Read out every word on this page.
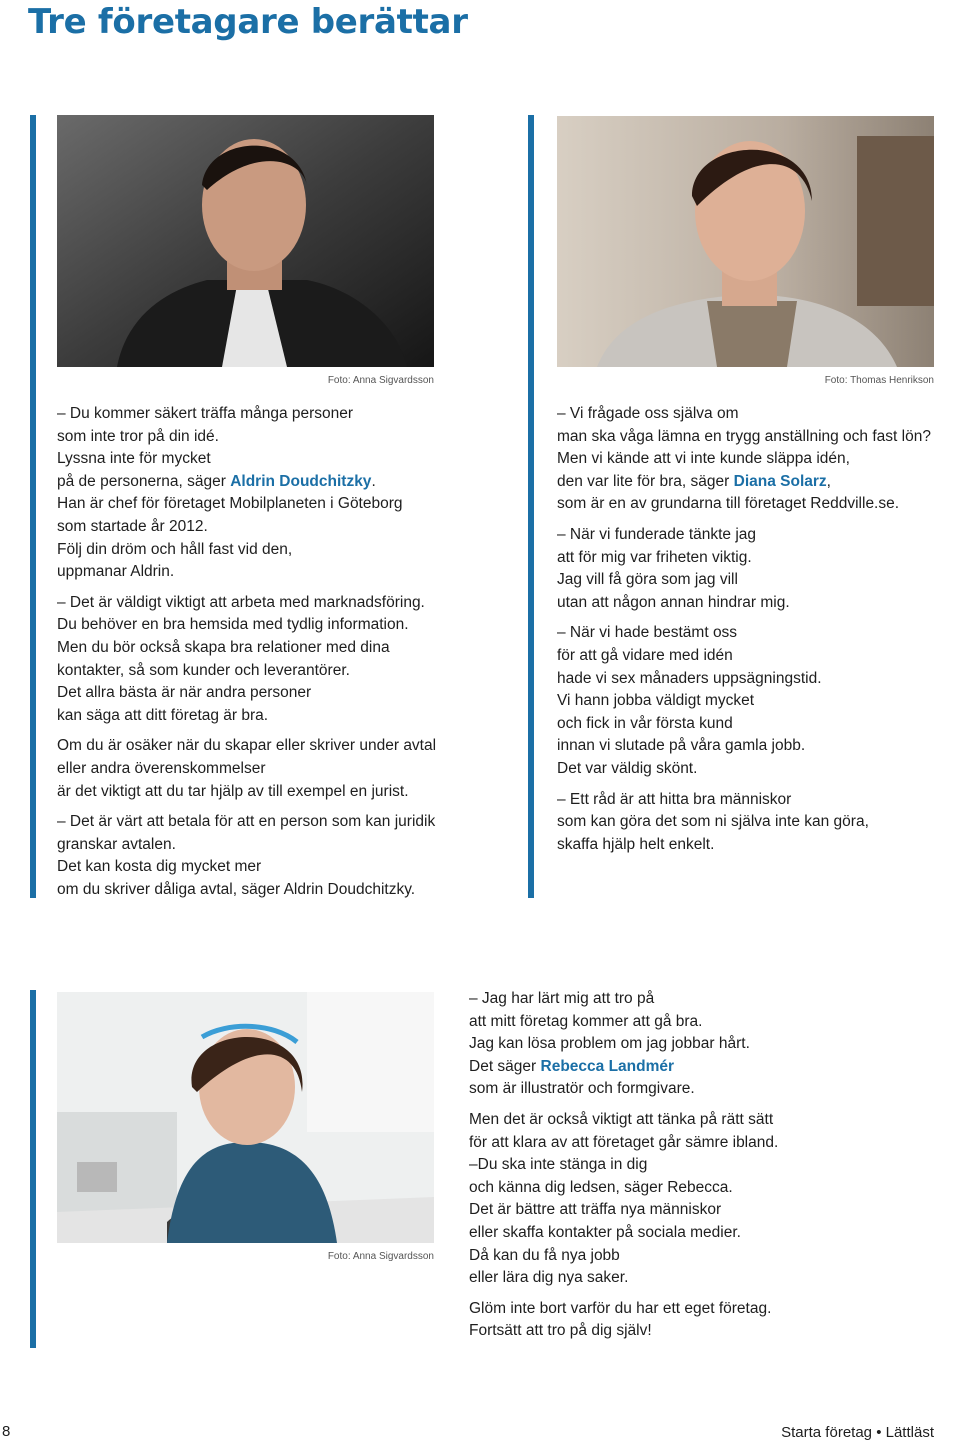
Tre företagare berättar
Foto: Anna Sigvardsson

– Du kommer säkert träffa många personer
som inte tror på din idé.
Lyssna inte för mycket
på de personerna, säger Aldrin Doudchitzky.
Han är chef för företaget Mobilplaneten i Göteborg
som startade år 2012.
Följ din dröm och håll fast vid den,
uppmanar Aldrin.

– Det är väldigt viktigt att arbeta med marknadsföring.
Du behöver en bra hemsida med tydlig information.
Men du bör också skapa bra relationer med dina
kontakter, så som kunder och leverantörer.
Det allra bästa är när andra personer
kan säga att ditt företag är bra.

Om du är osäker när du skapar eller skriver under avtal
eller andra överenskommelser
är det viktigt att du tar hjälp av till exempel en jurist.

– Det är värt att betala för att en person som kan juridik
granskar avtalen.
Det kan kosta dig mycket mer
om du skriver dåliga avtal, säger Aldrin Doudchitzky.

Foto: Thomas Henrikson

– Vi frågade oss själva om
man ska våga lämna en trygg anställning och fast lön?
Men vi kände att vi inte kunde släppa idén,
den var lite för bra, säger Diana Solarz,
som är en av grundarna till företaget Reddville.se.

– När vi funderade tänkte jag
att för mig var friheten viktig.
Jag vill få göra som jag vill
utan att någon annan hindrar mig.

– När vi hade bestämt oss
för att gå vidare med idén
hade vi sex månaders uppsägningstid.
Vi hann jobba väldigt mycket
och fick in vår första kund
innan vi slutade på våra gamla jobb.
Det var väldig skönt.

– Ett råd är att hitta bra människor
som kan göra det som ni själva inte kan göra,
skaffa hjälp helt enkelt.

Foto: Anna Sigvardsson

– Jag har lärt mig att tro på
att mitt företag kommer att gå bra.
Jag kan lösa problem om jag jobbar hårt.
Det säger Rebecca Landmér
som är illustratör och formgivare.

Men det är också viktigt att tänka på rätt sätt
för att klara av att företaget går sämre ibland.
–Du ska inte stänga in dig
och känna dig ledsen, säger Rebecca.
Det är bättre att träffa nya människor
eller skaffa kontakter på sociala medier.
Då kan du få nya jobb
eller lära dig nya saker.

Glöm inte bort varför du har ett eget företag.
Fortsätt att tro på dig själv!

8	Starta företag • Lättläst
